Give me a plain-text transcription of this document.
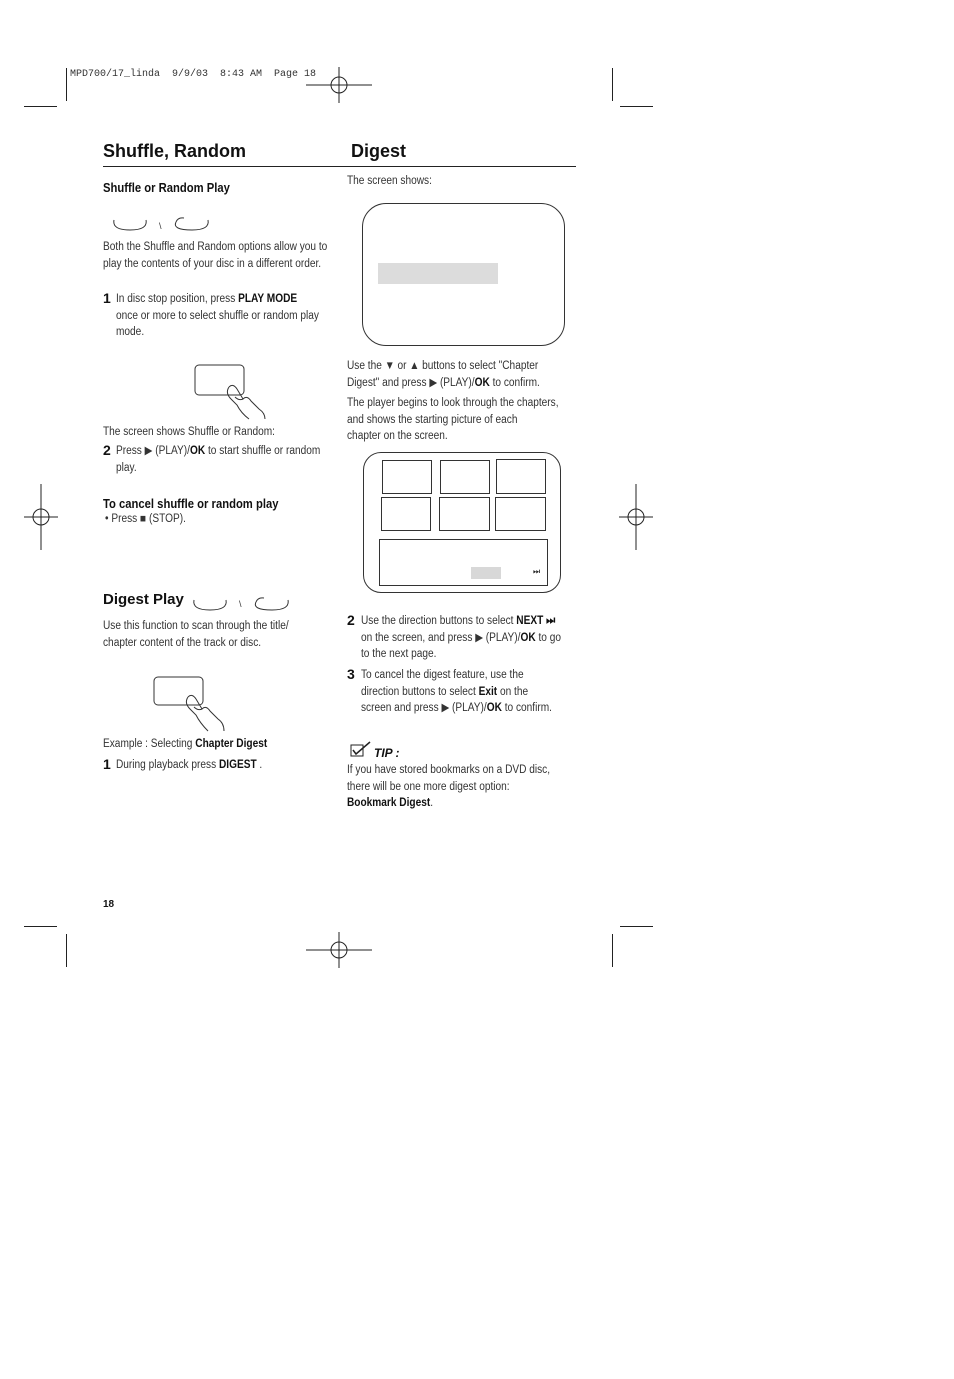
MPD700/17_linda  9/9/03  8:43 AM  Page 18
Shuffle, Random	Digest
Shuffle or Random Play
\
Both the Shuffle and Random options allow you to play the contents of your disc in a different order.
1 In disc stop position, press PLAY MODE
once or more to select shuffle or random play mode.
The screen shows Shuffle or Random:
2 Press ▶ (PLAY)/OK to start shuffle or random
play.
To cancel shuffle or random play
• Press ■ (STOP).
Digest Play	\
Use this function to scan through the title/
chapter content of the track or disc.
Example : Selecting Chapter Digest
1 During playback press DIGEST .
The screen shows:
Use the ▼ or ▲ buttons to select "Chapter
Digest" and press ▶ (PLAY)/OK to confirm.
The player begins to look through the chapters,
and shows the starting picture of each
chapter on the screen.
⏭
2 Use the direction buttons to select NEXT ⏭
on the screen, and press ▶ (PLAY)/OK to go
to the next page.
3 To cancel the digest feature, use the
direction buttons to select Exit on the
screen and press ▶ (PLAY)/OK to confirm.
TIP :
If you have stored bookmarks on a DVD disc,
there will be one more digest option:
Bookmark Digest.
18
